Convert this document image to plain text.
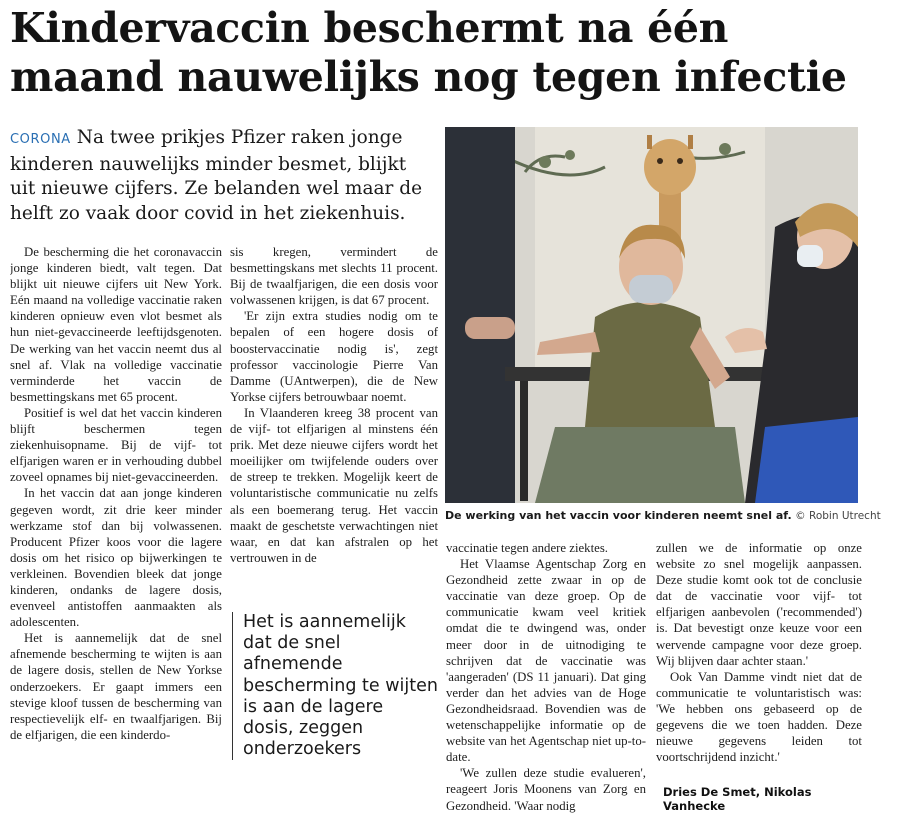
Kindervaccin beschermt na één maand nauwelijks nog tegen infectie

CORONA Na twee prikjes Pfizer raken jonge kinderen nauwelijks minder besmet, blijkt uit nieuwe cijfers. Ze belanden wel maar de helft zo vaak door covid in het ziekenhuis.

De bescherming die het coronavaccin jonge kinderen biedt, valt tegen. Dat blijkt uit nieuwe cijfers uit New York. Eén maand na volledige vaccinatie raken kinderen opnieuw even vlot besmet als hun niet-gevaccineerde leeftijdsgenoten. De werking van het vaccin neemt dus al snel af. Vlak na volledige vaccinatie verminderde het vaccin de besmettingskans met 65 procent.

Positief is wel dat het vaccin kinderen blijft beschermen tegen ziekenhuisopname. Bij de vijf- tot elfjarigen waren er in verhouding dubbel zoveel opnames bij niet-gevaccineerden.

In het vaccin dat aan jonge kinderen gegeven wordt, zit drie keer minder werkzame stof dan bij volwassenen. Producent Pfizer koos voor die lagere dosis om het risico op bijwerkingen te verkleinen. Bovendien bleek dat jonge kinderen, ondanks de lagere dosis, evenveel antistoffen aanmaakten als adolescenten.

Het is aannemelijk dat de snel afnemende bescherming te wijten is aan de lagere dosis, stellen de New Yorkse onderzoekers. Er gaapt immers een stevige kloof tussen de bescherming van respectievelijk elf- en twaalfjarigen. Bij de elfjarigen, die een kinderdo-

sis kregen, vermindert de besmettingskans met slechts 11 procent. Bij de twaalfjarigen, die een dosis voor volwassenen krijgen, is dat 67 procent.

'Er zijn extra studies nodig om te bepalen of een hogere dosis of boostervaccinatie nodig is', zegt professor vaccinologie Pierre Van Damme (UAntwerpen), die de New Yorkse cijfers betrouwbaar noemt.

In Vlaanderen kreeg 38 procent van de vijf- tot elfjarigen al minstens één prik. Met deze nieuwe cijfers wordt het moeilijker om twijfelende ouders over de streep te trekken. Mogelijk keert de voluntaristische communicatie nu zelfs als een boemerang terug. Het vaccin maakt de geschetste verwachtingen niet waar, en dat kan afstralen op het vertrouwen in de

Het is aannemelijk dat de snel afnemende bescherming te wijten is aan de lagere dosis, zeggen onderzoekers

De werking van het vaccin voor kinderen neemt snel af. © Robin Utrecht

vaccinatie tegen andere ziektes.

Het Vlaamse Agentschap Zorg en Gezondheid zette zwaar in op de vaccinatie van deze groep. Op de communicatie kwam veel kritiek omdat die te dwingend was, onder meer door in de uitnodiging te schrijven dat de vaccinatie was 'aangeraden' (DS 11 januari). Dat ging verder dan het advies van de Hoge Gezondheidsraad. Bovendien was de wetenschappelijke informatie op de website van het Agentschap niet up-to-date.

'We zullen deze studie evalueren', reageert Joris Moonens van Zorg en Gezondheid. 'Waar nodig

zullen we de informatie op onze website zo snel mogelijk aanpassen. Deze studie komt ook tot de conclusie dat de vaccinatie voor vijf- tot elfjarigen aanbevolen ('recommended') is. Dat bevestigt onze keuze voor een wervende campagne voor deze groep. Wij blijven daar achter staan.'

Ook Van Damme vindt niet dat de communicatie te voluntaristisch was: 'We hebben ons gebaseerd op de gegevens die we toen hadden. Deze nieuwe gegevens leiden tot voortschrijdend inzicht.'

Dries De Smet, Nikolas Vanhecke
